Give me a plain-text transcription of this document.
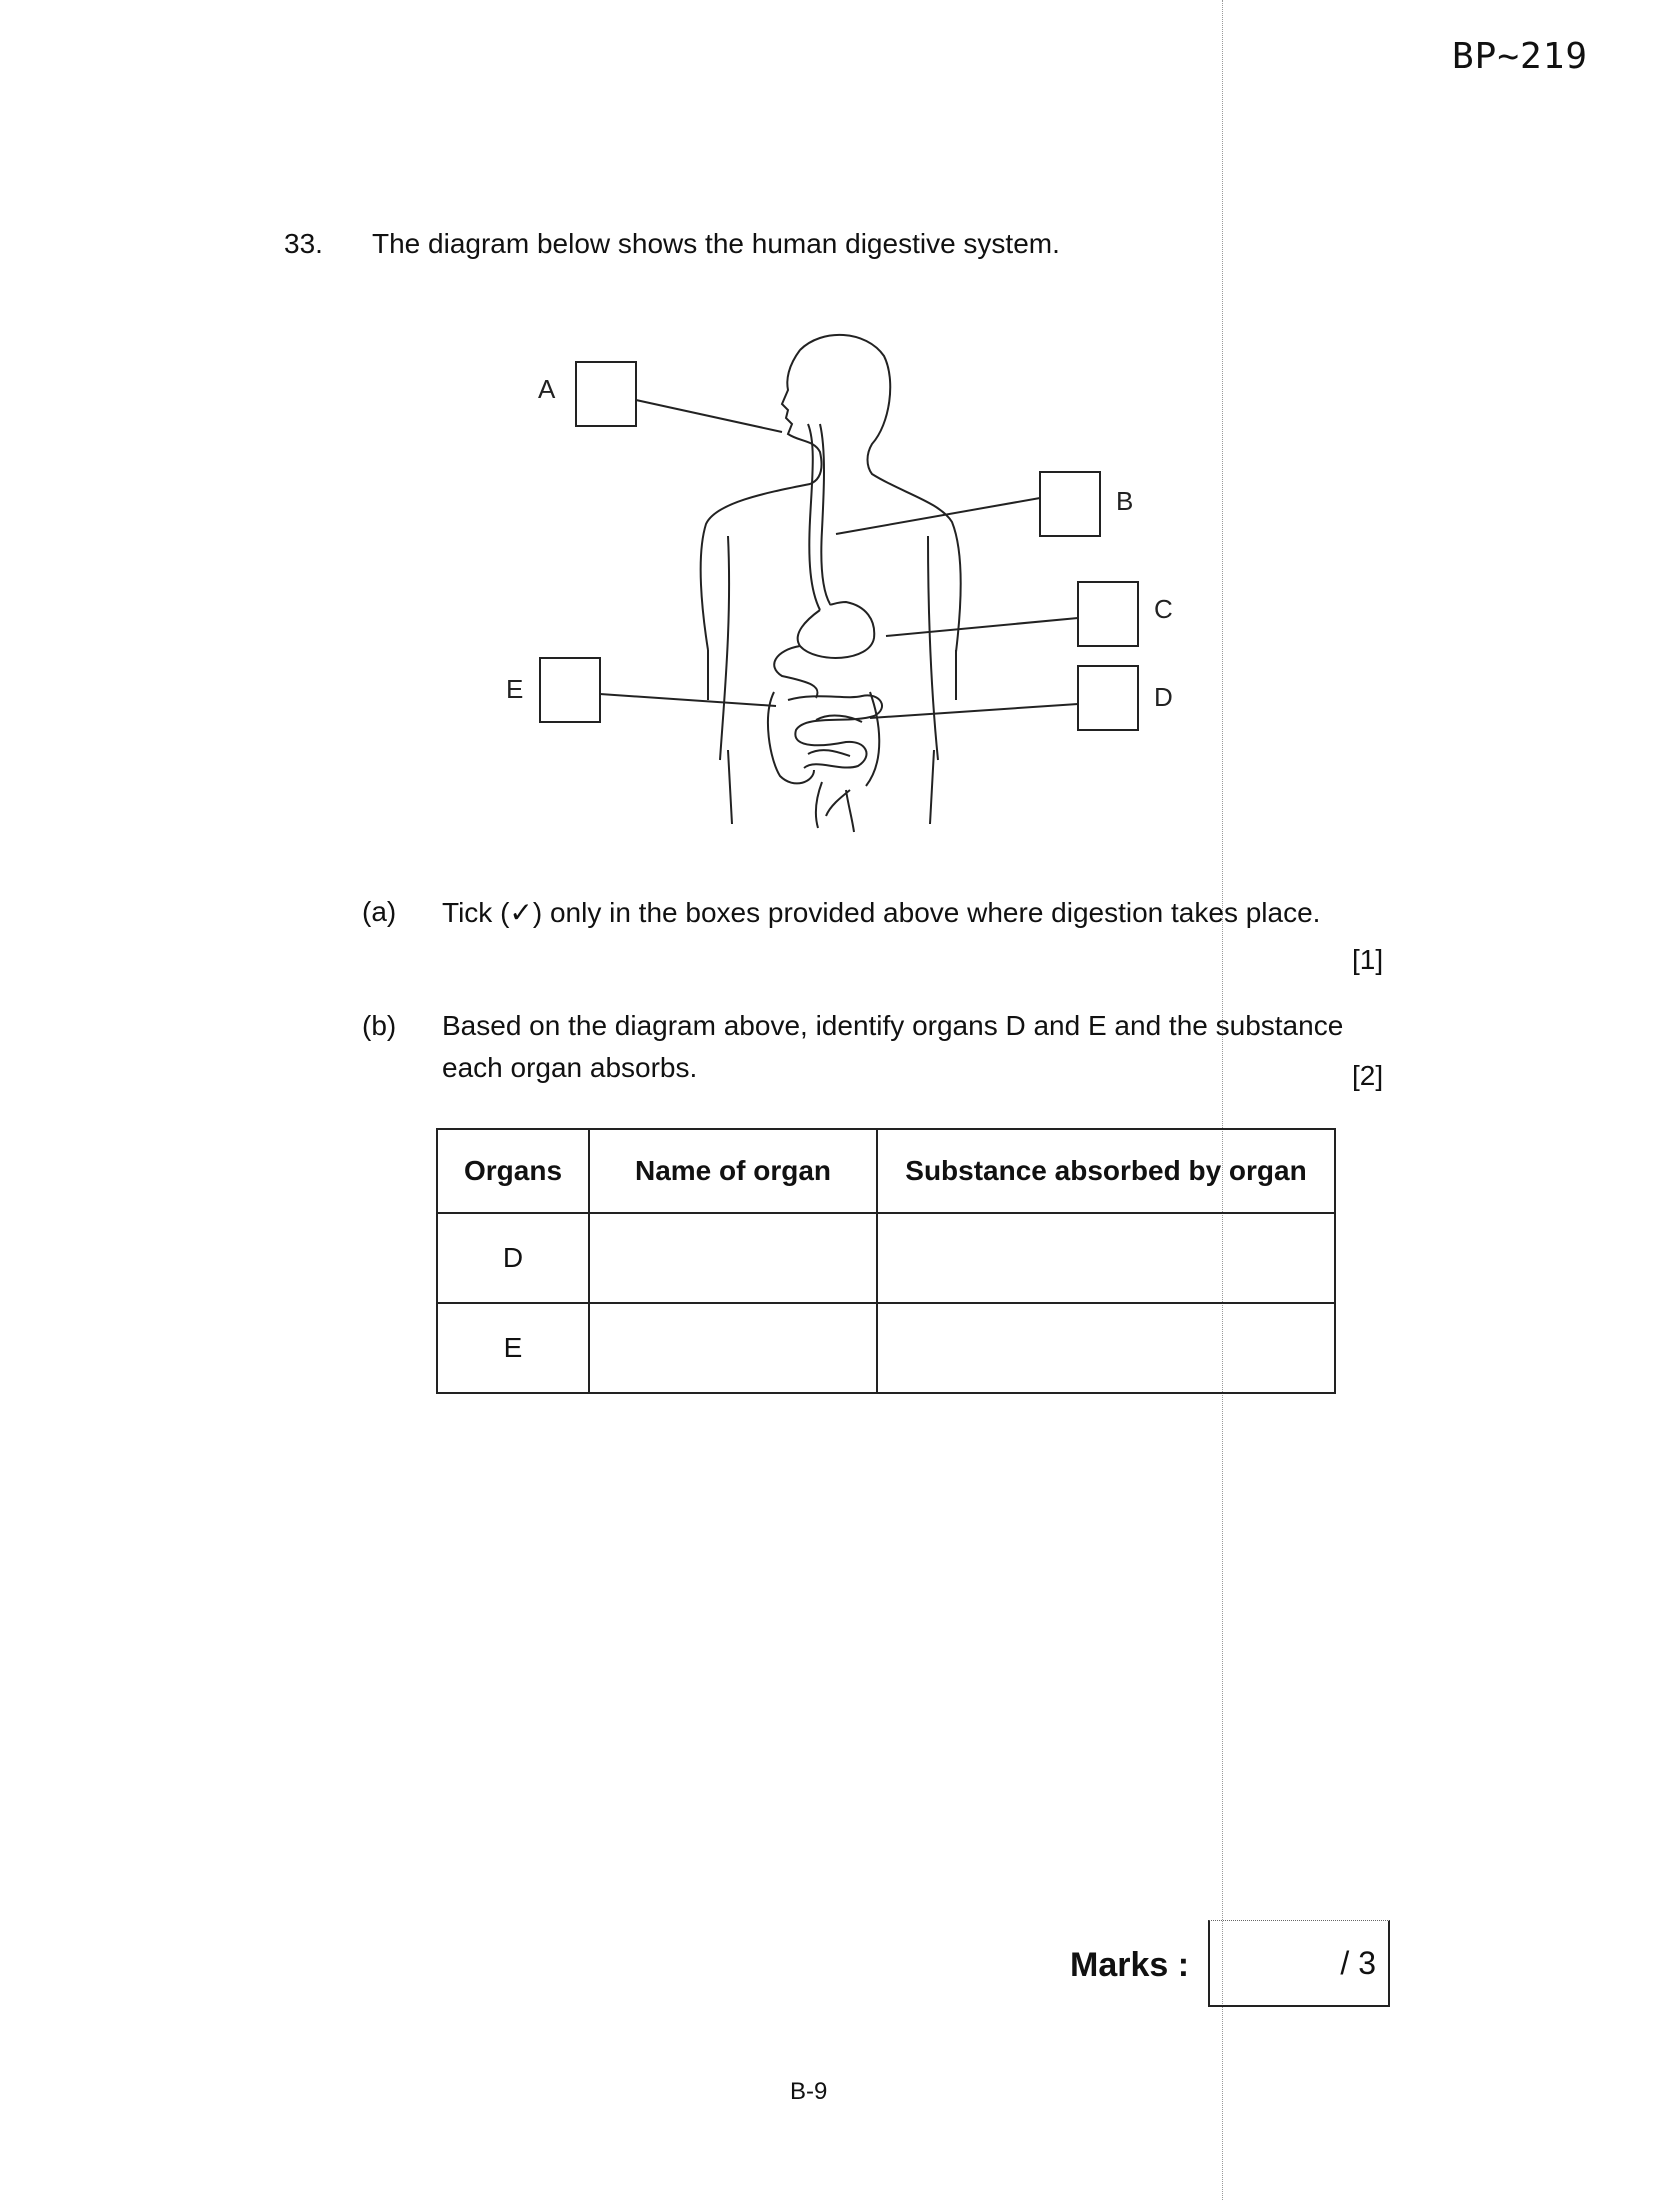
BP~219
33. The diagram below shows the human digestive system.
A
B
C
D
E
(a) Tick (✓) only in the boxes provided above where digestion takes place.
[1]
(b) Based on the diagram above, identify organs D and E and the substance
each organ absorbs.	[2]
Organs	Name of organ	Substance absorbed by organ
D		
E		
Marks :	/ 3
B-9
